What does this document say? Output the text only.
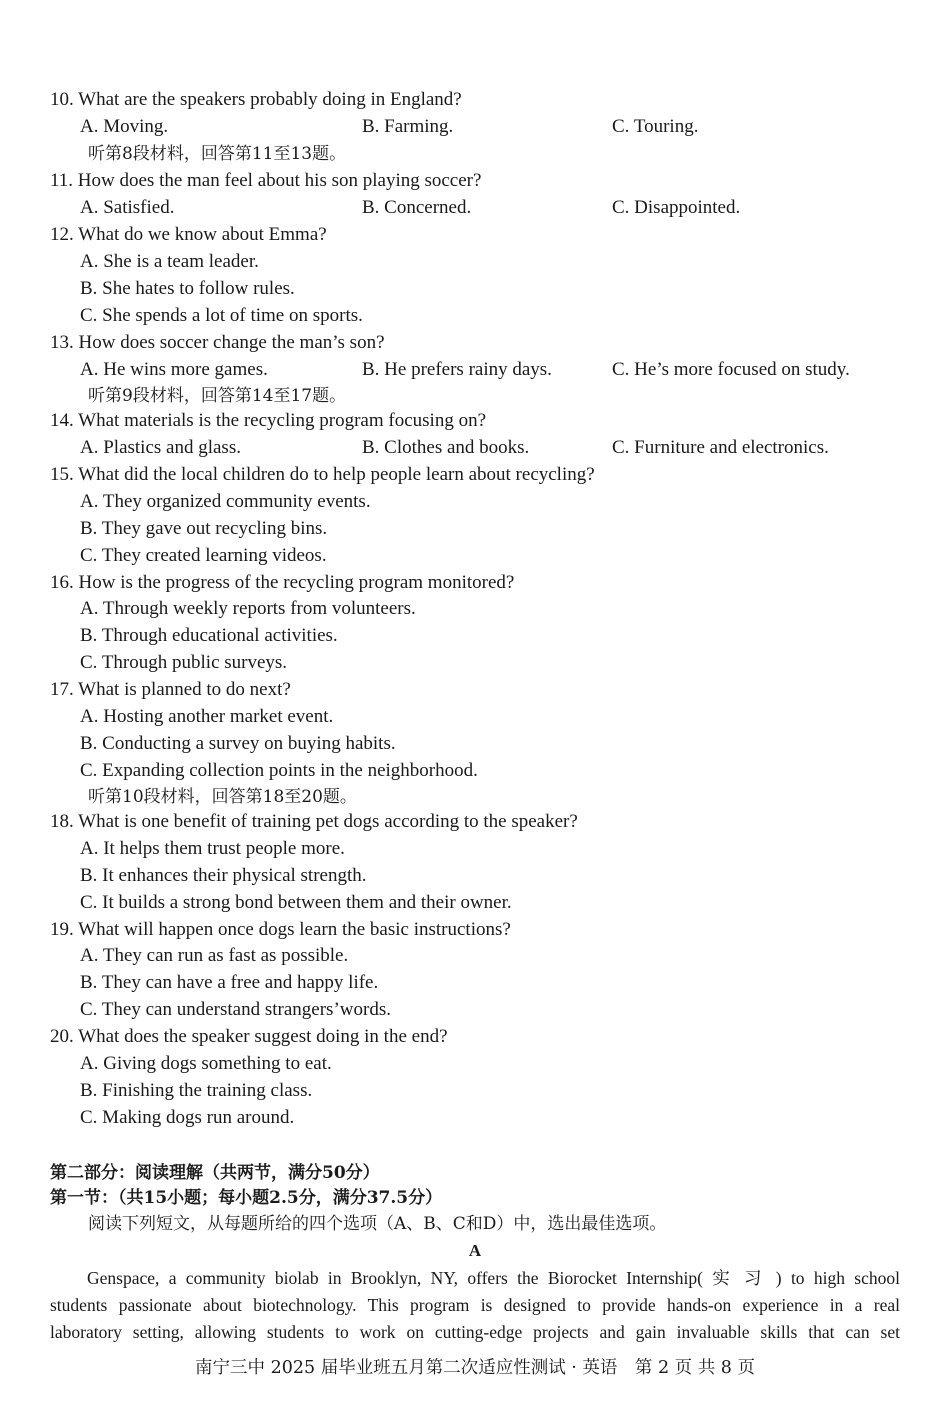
10. What are the speakers probably doing in England?
A. Moving.	B. Farming.	C. Touring.
听第8段材料，回答第11至13题。
11. How does the man feel about his son playing soccer?
A. Satisfied.	B. Concerned.	C. Disappointed.
12. What do we know about Emma?
A. She is a team leader.
B. She hates to follow rules.
C. She spends a lot of time on sports.
13. How does soccer change the man’s son?
A. He wins more games.	B. He prefers rainy days.	C. He’s more focused on study.
听第9段材料，回答第14至17题。
14. What materials is the recycling program focusing on?
A. Plastics and glass.	B. Clothes and books.	C. Furniture and electronics.
15. What did the local children do to help people learn about recycling?
A. They organized community events.
B. They gave out recycling bins.
C. They created learning videos.
16. How is the progress of the recycling program monitored?
A. Through weekly reports from volunteers.
B. Through educational activities.
C. Through public surveys.
17. What is planned to do next?
A. Hosting another market event.
B. Conducting a survey on buying habits.
C. Expanding collection points in the neighborhood.
听第10段材料，回答第18至20题。
18. What is one benefit of training pet dogs according to the speaker?
A. It helps them trust people more.
B. It enhances their physical strength.
C. It builds a strong bond between them and their owner.
19. What will happen once dogs learn the basic instructions?
A. They can run as fast as possible.
B. They can have a free and happy life.
C. They can understand strangers’words.
20. What does the speaker suggest doing in the end?
A. Giving dogs something to eat.
B. Finishing the training class.
C. Making dogs run around.
第二部分：阅读理解（共两节，满分50分）
第一节：（共15小题；每小题2.5分，满分37.5分）
阅读下列短文，从每题所给的四个选项（A、B、C和D）中，选出最佳选项。
A
Genspace, a community biolab in Brooklyn, NY, offers the Biorocket Internship( 实 习 ) to high school
students passionate about biotechnology. This program is designed to provide hands-on experience in a real
laboratory setting, allowing students to work on cutting-edge projects and gain invaluable skills that can set
南宁三中 2025 届毕业班五月第二次适应性测试 · 英语　第 2 页 共 8 页
